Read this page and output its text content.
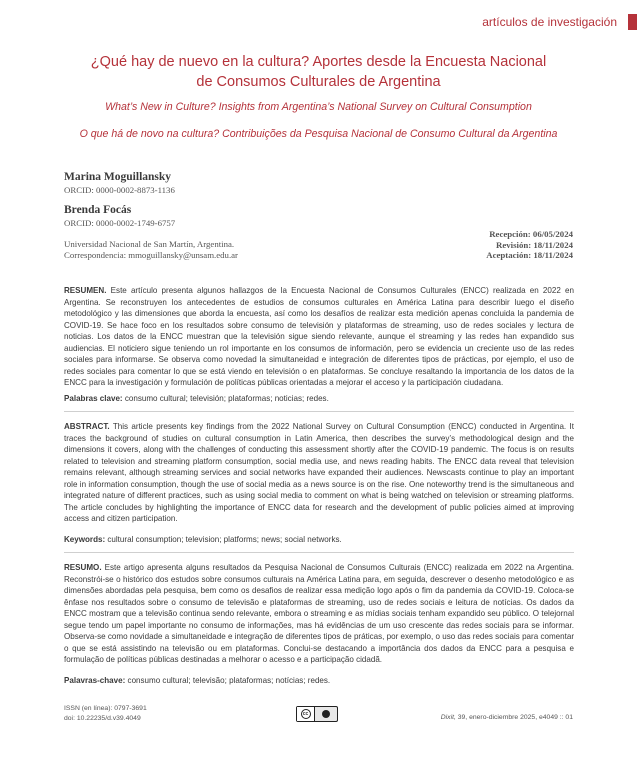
artículos de investigación
¿Qué hay de nuevo en la cultura? Aportes desde la Encuesta Nacional
de Consumos Culturales de Argentina
What’s New in Culture? Insights from Argentina’s National Survey on Cultural Consumption
O que há de novo na cultura? Contribuições da Pesquisa Nacional de Consumo Cultural da Argentina
Marina Moguillansky
ORCID: 0000-0002-8873-1136
Brenda Focás
ORCID: 0000-0002-1749-6757
Universidad Nacional de San Martín, Argentina.
Correspondencia: mmoguillansky@unsam.edu.ar
Recepción: 06/05/2024
Revisión: 18/11/2024
Aceptación: 18/11/2024

RESUMEN. Este artículo presenta algunos hallazgos de la Encuesta Nacional de Consumos Culturales (ENCC) realizada en 2022 en Argentina. Se reconstruyen los antecedentes de estudios de consumos culturales en América Latina para describir luego el diseño metodológico y las dimensiones que aborda la encuesta, así como los desafíos de realizar esta medición apenas concluida la pandemia de COVID-19. Se hace foco en los resultados sobre consumo de televisión y plataformas de streaming, uso de redes sociales y lectura de noticias. Los datos de la ENCC muestran que la televisión sigue siendo relevante, aunque el streaming y las redes han expandido sus audiencias. El noticiero sigue teniendo un rol importante en los consumos de información, pero se evidencia un creciente uso de las redes sociales para informarse. Se observa como novedad la simultaneidad e integración de diferentes tipos de prácticas, por ejemplo, el uso de redes sociales para comentar lo que se está viendo en televisión o en plataformas. Se concluye resaltando la importancia de los datos de la ENCC para la investigación y formulación de políticas públicas orientadas a mejorar el acceso y la participación ciudadana.

Palabras clave: consumo cultural; televisión; plataformas; noticias; redes.

ABSTRACT. This article presents key findings from the 2022 National Survey on Cultural Consumption (ENCC) conducted in Argentina. It traces the background of studies on cultural consumption in Latin America, then describes the survey’s methodological design and the dimensions it covers, along with the challenges of conducting this assessment shortly after the COVID-19 pandemic. The focus is on results related to television and streaming platform consumption, social media use, and news reading habits. The ENCC data reveal that television remains relevant, although streaming services and social networks have expanded their audiences. Newscasts continue to play an important role in information consumption, though the use of social media as a news source is on the rise. One noteworthy trend is the simultaneous and integrated nature of different practices, such as using social media to comment on what is being watched on television or streaming platforms. The article concludes by highlighting the importance of ENCC data for research and the development of public policies aimed at improving access and citizen participation.

Keywords: cultural consumption; television; platforms; news; social networks.

RESUMO. Este artigo apresenta alguns resultados da Pesquisa Nacional de Consumos Culturais (ENCC) realizada em 2022 na Argentina. Reconstrói-se o histórico dos estudos sobre consumos culturais na América Latina para, em seguida, descrever o desenho metodológico e as dimensões abordadas pela pesquisa, bem como os desafios de realizar essa medição logo após o fim da pandemia da COVID-19. Coloca-se ênfase nos resultados sobre o consumo de televisão e plataformas de streaming, uso de redes sociais e leitura de notícias. Os dados da ENCC mostram que a televisão continua sendo relevante, embora o streaming e as mídias sociais tenham expandido seu público. O telejornal segue tendo um papel importante no consumo de informações, mas há evidências de um uso crescente das redes sociais para se informar. Observa-se como novidade a simultaneidade e integração de diferentes tipos de práticas, por exemplo, o uso das redes sociais para comentar o que se está assistindo na televisão ou em plataformas. Conclui-se destacando a importância dos dados da ENCC para a pesquisa e formulação de políticas públicas destinadas a melhorar o acesso e a participação cidadã.

Palavras-chave: consumo cultural; televisão; plataformas; notícias; redes.

ISSN (en línea): 0797-3691
doi: 10.22235/d.v39.4049
cc	Dixit, 39, enero-diciembre 2025, e4049 :: 01
